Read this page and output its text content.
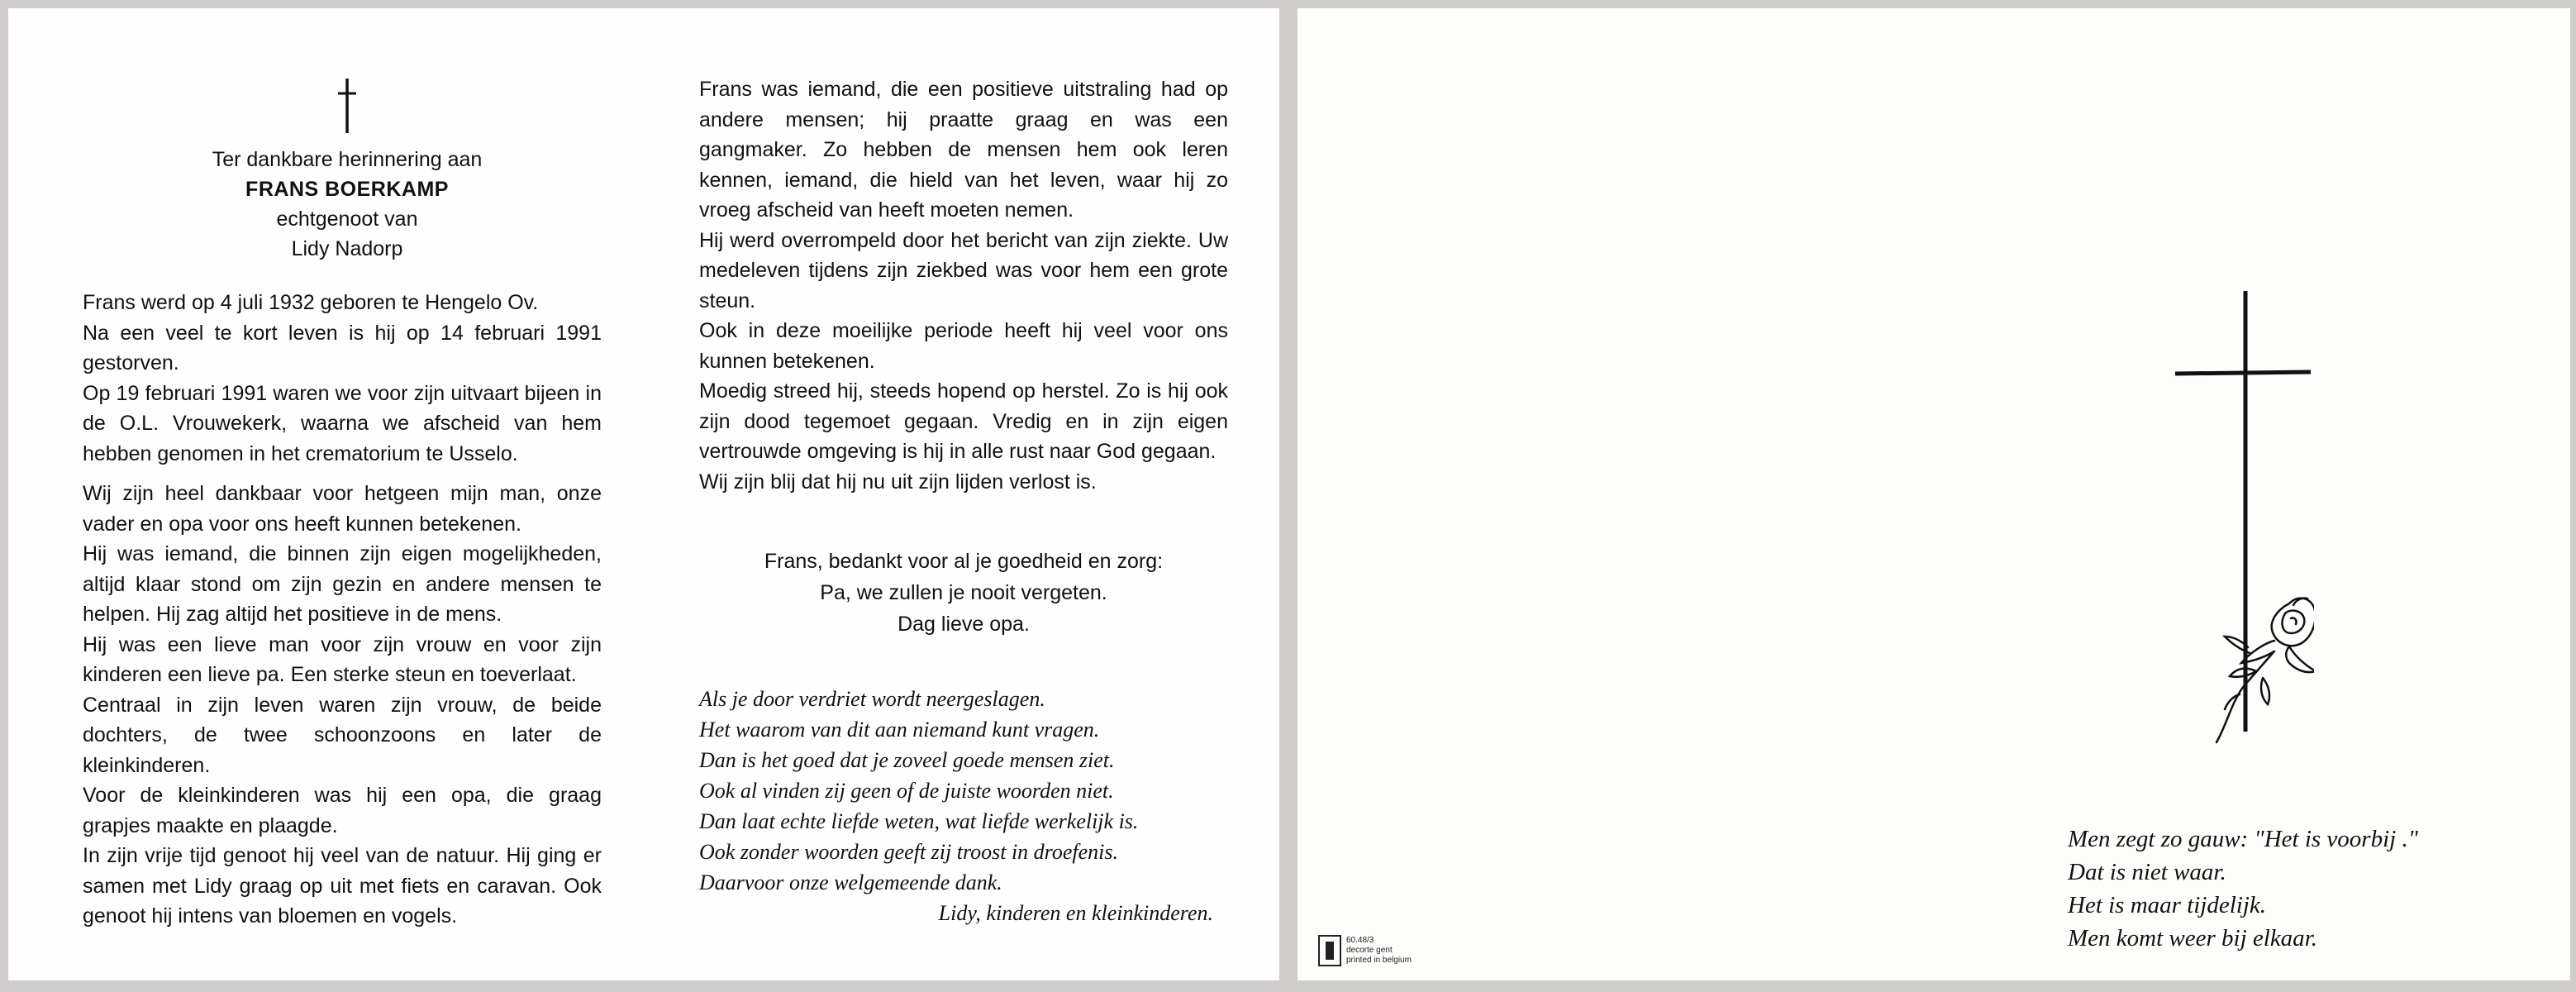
Ter dankbare herinnering aan
FRANS BOERKAMP
echtgenoot van
Lidy Nadorp

Frans werd op 4 juli 1932 geboren te Hengelo Ov.

Na een veel te kort leven is hij op 14 februari 1991 gestorven.

Op 19 februari 1991 waren we voor zijn uitvaart bijeen in de O.L. Vrouwekerk, waarna we afscheid van hem hebben genomen in het crematorium te Usselo.

Wij zijn heel dankbaar voor hetgeen mijn man, onze vader en opa voor ons heeft kunnen betekenen.

Hij was iemand, die binnen zijn eigen mogelijkheden, altijd klaar stond om zijn gezin en andere mensen te helpen. Hij zag altijd het positieve in de mens.

Hij was een lieve man voor zijn vrouw en voor zijn kinderen een lieve pa. Een sterke steun en toeverlaat.

Centraal in zijn leven waren zijn vrouw, de beide dochters, de twee schoonzoons en later de kleinkinderen.

Voor de kleinkinderen was hij een opa, die graag grapjes maakte en plaagde.

In zijn vrije tijd genoot hij veel van de natuur. Hij ging er samen met Lidy graag op uit met fiets en caravan. Ook genoot hij intens van bloemen en vogels.

Frans was iemand, die een positieve uitstraling had op andere mensen; hij praatte graag en was een gangmaker. Zo hebben de mensen hem ook leren kennen, iemand, die hield van het leven, waar hij zo vroeg afscheid van heeft moeten nemen.

Hij werd overrompeld door het bericht van zijn ziekte. Uw medeleven tijdens zijn ziekbed was voor hem een grote steun.

Ook in deze moeilijke periode heeft hij veel voor ons kunnen betekenen.

Moedig streed hij, steeds hopend op herstel. Zo is hij ook zijn dood tegemoet gegaan. Vredig en in zijn eigen vertrouwde omgeving is hij in alle rust naar God gegaan.

Wij zijn blij dat hij nu uit zijn lijden verlost is.

Frans, bedankt voor al je goedheid en zorg:
Pa, we zullen je nooit vergeten.
Dag lieve opa.

Als je door verdriet wordt neergeslagen.

Het waarom van dit aan niemand kunt vragen.

Dan is het goed dat je zoveel goede mensen ziet.

Ook al vinden zij geen of de juiste woorden niet.

Dan laat echte liefde weten, wat liefde werkelijk is.

Ook zonder woorden geeft zij troost in droefenis.

Daarvoor onze welgemeende dank.

Lidy, kinderen en kleinkinderen.

Men zegt zo gauw: "Het is voorbij ."

Dat is niet waar.

Het is maar tijdelijk.

Men komt weer bij elkaar.

60.48/3
decorte gent
printed in belgium
